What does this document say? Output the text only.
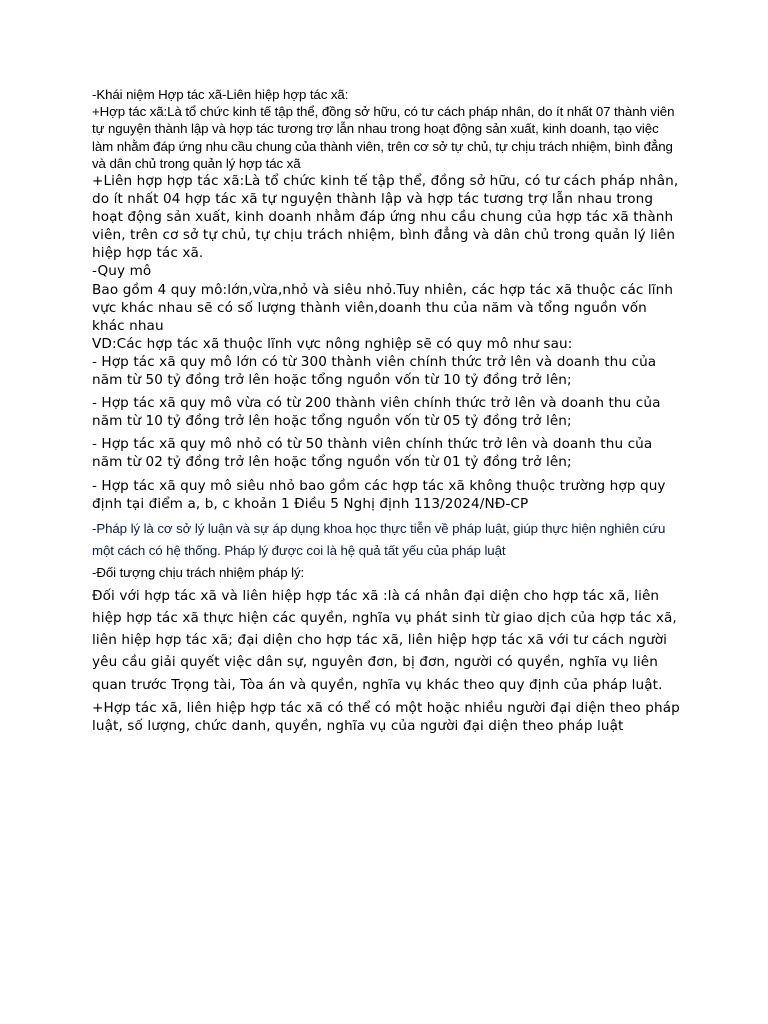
-Khái niệm Hợp tác xã-Liên hiệp hợp tác xã:

+Hợp tác xã:Là tổ chức kinh tế tập thể, đồng sở hữu, có tư cách pháp nhân, do ít nhất 07 thành viên tự nguyện thành lập và hợp tác tương trợ lẫn nhau trong hoạt động sản xuất, kinh doanh, tạo việc làm nhằm đáp ứng nhu cầu chung của thành viên, trên cơ sở tự chủ, tự chịu trách nhiệm, bình đẳng và dân chủ trong quản lý hợp tác xã

+Liên hợp hợp tác xã:Là tổ chức kinh tế tập thể, đồng sở hữu, có tư cách pháp nhân, do ít nhất 04 hợp tác xã tự nguyện thành lập và hợp tác tương trợ lẫn nhau trong hoạt động sản xuất, kinh doanh nhằm đáp ứng nhu cầu chung của hợp tác xã thành viên, trên cơ sở tự chủ, tự chịu trách nhiệm, bình đẳng và dân chủ trong quản lý liên hiệp hợp tác xã.

-Quy mô

Bao gồm 4 quy mô:lớn,vừa,nhỏ và siêu nhỏ.Tuy nhiên, các hợp tác xã thuộc các lĩnh vực khác nhau sẽ có số lượng thành viên,doanh thu của năm và tổng nguồn vốn khác nhau

VD:Các hợp tác xã thuộc lĩnh vực nông nghiệp sẽ có quy mô như sau:

- Hợp tác xã quy mô lớn có từ 300 thành viên chính thức trở lên và doanh thu của năm từ 50 tỷ đồng trở lên hoặc tổng nguồn vốn từ 10 tỷ đồng trở lên;

- Hợp tác xã quy mô vừa có từ 200 thành viên chính thức trở lên và doanh thu của năm từ 10 tỷ đồng trở lên hoặc tổng nguồn vốn từ 05 tỷ đồng trở lên;

- Hợp tác xã quy mô nhỏ có từ 50 thành viên chính thức trở lên và doanh thu của năm từ 02 tỷ đồng trở lên hoặc tổng nguồn vốn từ 01 tỷ đồng trở lên;

- Hợp tác xã quy mô siêu nhỏ bao gồm các hợp tác xã không thuộc trường hợp quy định tại điểm a, b, c khoản 1 Điều 5 Nghị định 113/2024/NĐ-CP

-Pháp lý là cơ sở lý luận và sự áp dụng khoa học thực tiễn về pháp luật, giúp thực hiện nghiên cứu một cách có hệ thống. Pháp lý được coi là hệ quả tất yếu của pháp luật

-Đối tượng chịu trách nhiệm pháp lý:

Đối với hợp tác xã và liên hiệp hợp tác xã :là cá nhân đại diện cho hợp tác xã, liên hiệp hợp tác xã thực hiện các quyền, nghĩa vụ phát sinh từ giao dịch của hợp tác xã, liên hiệp hợp tác xã; đại diện cho hợp tác xã, liên hiệp hợp tác xã với tư cách người yêu cầu giải quyết việc dân sự, nguyên đơn, bị đơn, người có quyền, nghĩa vụ liên quan trước Trọng tài, Tòa án và quyền, nghĩa vụ khác theo quy định của pháp luật.

+Hợp tác xã, liên hiệp hợp tác xã có thể có một hoặc nhiều người đại diện theo pháp luật, số lượng, chức danh, quyền, nghĩa vụ của người đại diện theo pháp luật
